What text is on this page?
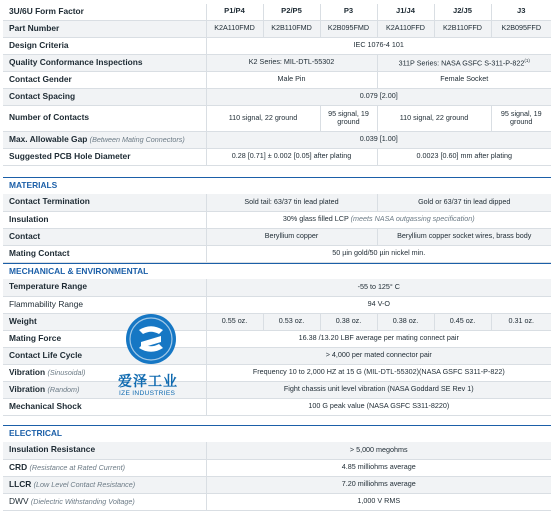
3U/6U Form Factor	P1/P4	P2/P5	P3	J1/J4	J2/J5	J3
Part Number	K2A110FMD	K2B110FMD	K2B095FMD	K2A110FFD	K2B110FFD	K2B095FFD
Design Criteria	IEC 1076-4 101					
Quality Conformance Inspections	K2 Series: MIL-DTL-55302			311P Series: NASA GSFC S-311-P-822$^{(1)}$
Contact Gender	Male Pin			Female Socket		
Contact Spacing	0.079 [2.00]					
Number of Contacts	110 signal, 22 ground		95 signal, 19 ground	110 signal, 22 ground		95 signal, 19 ground
Max. Allowable Gap (Between Mating Connectors)	0.039 [1.00]					
Suggested PCB Hole Diameter	0.28 [0.71] ± 0.002 [0.05] after plating			0.0023 [0.60] mm after plating		
MATERIALS
Contact Termination	Sold tail: 63/37 tin lead plated	Gold or 63/37 tin lead dipped
Insulation	30% glass filled LCP (meets NASA outgassing specification)	
Contact	Beryllium copper	Beryllium copper socket wires, brass body
Mating Contact	50 µin gold/50 µin nickel min.	
MECHANICAL & ENVIRONMENTAL
Temperature Range	-55 to 125° C					
Flammability Range	94 V-O					
Weight	0.55 oz.	0.53 oz.	0.38 oz.	0.38 oz.	0.45 oz.	0.31 oz.
Mating Force	16.38 /13.20 LBF average per mating connect pair					
Contact Life Cycle	> 4,000 per mated connector pair					
Vibration (Sinusoidal)	Frequency 10 to 2,000 HZ at 15 G (MIL-DTL-55302)(NASA GSFC S311-P-822)					
Vibration (Random)	Fight chassis unit level vibration (NASA Goddard SE Rev 1)					
Mechanical Shock	100 G peak value (NASA GSFC S311-8220)					
ELECTRICAL
Insulation Resistance	> 5,000 megohms
CRD (Resistance at Rated Current)	4.85 milliohms average
LLCR (Low Level Contact Resistance)	7.20 milliohms average
DWV (Dielectric Withstanding Voltage)	1,000 V RMS
爱泽工业
IZE INDUSTRIES
